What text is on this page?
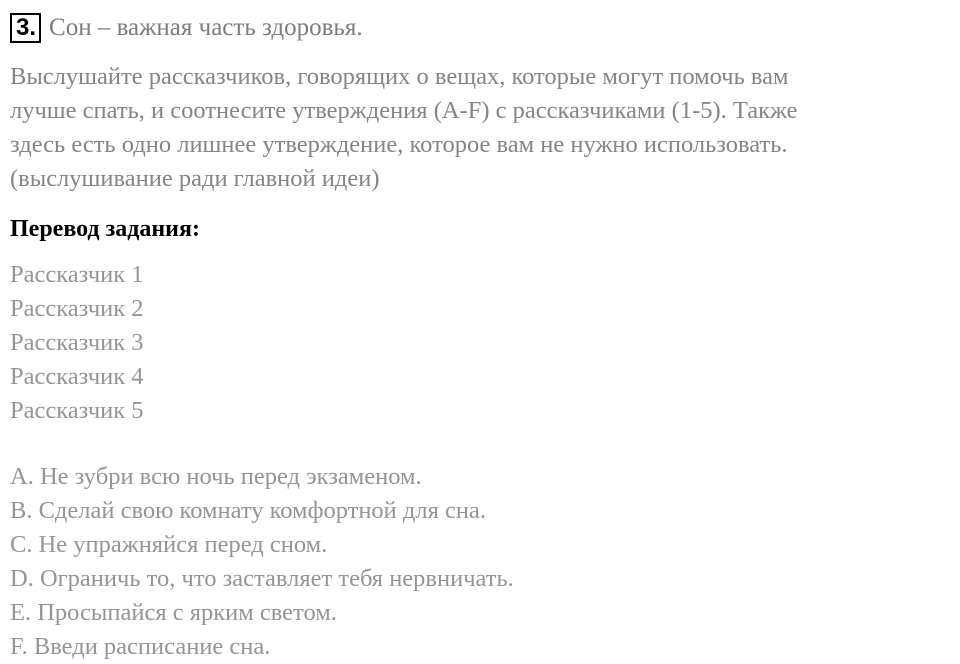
3. Сон – важная часть здоровья.

Выслушайте рассказчиков, говорящих о вещах, которые могут помочь вам

лучше спать, и соотнесите утверждения (A-F) с рассказчиками (1-5). Также

здесь есть одно лишнее утверждение, которое вам не нужно использовать.

(выслушивание ради главной идеи)

Перевод задания:
Рассказчик 1
Рассказчик 2
Рассказчик 3
Рассказчик 4
Рассказчик 5
A. Не зубри всю ночь перед экзаменом.
B. Сделай свою комнату комфортной для сна.
C. Не упражняйся перед сном.
D. Ограничь то, что заставляет тебя нервничать.
E. Просыпайся с ярким светом.
F. Введи расписание сна.
